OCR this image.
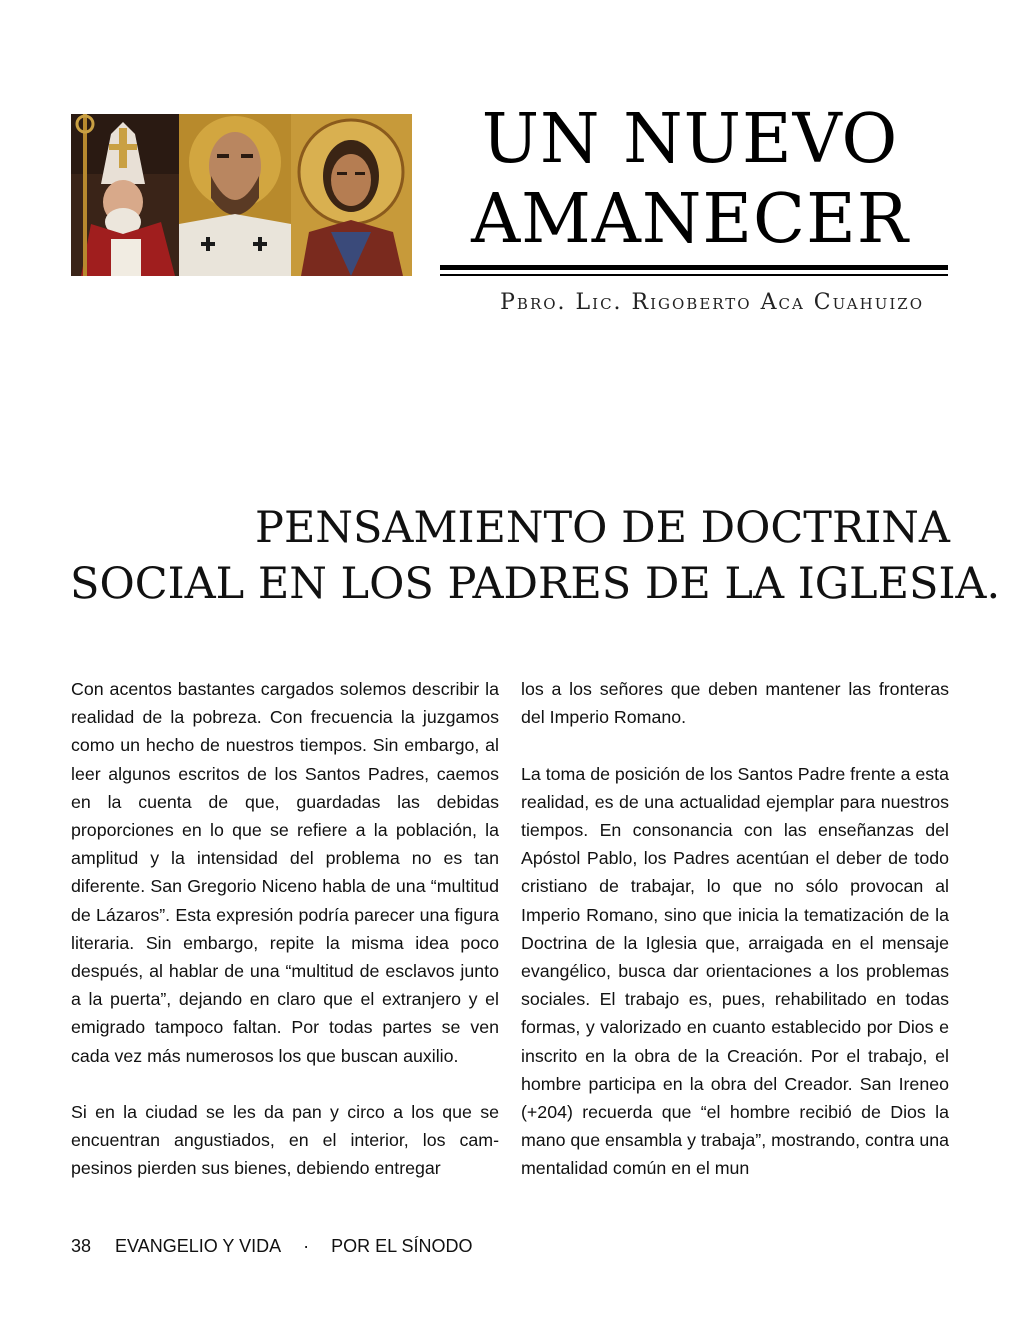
UN NUEVO
AMANECER
Pbro. Lic. Rigoberto Aca Cuahuizo
PENSAMIENTO DE DOCTRINA
SOCIAL EN LOS PADRES DE LA IGLESIA.

Con acentos bastantes cargados solemos describir la realidad de la pobreza. Con frecuencia la juzgamos como un hecho de nuestros tiempos. Sin embargo, al leer algunos escritos de los Santos Padres, caemos en la cuenta de que, guardadas las debidas proporciones en lo que se refiere a la población, la amplitud y la intensidad del problema no es tan diferente. San Gregorio Niceno habla de una “multitud de Lázaros”. Esta expresión podría parecer una figura literaria. Sin embargo, repite la misma idea poco después, al hablar de una “multitud de esclavos junto a la puerta”, dejando en claro que el extranjero y el emigrado tampoco faltan. Por todas partes se ven cada vez más numerosos los que buscan auxilio.

Si en la ciudad se les da pan y circo a los que se encuentran angustiados, en el interior, los campesinos pierden sus bienes, debiendo entregar

los a los señores que deben mantener las fronteras del Imperio Romano.

La toma de posición de los Santos Padre frente a esta realidad, es de una actualidad ejemplar para nuestros tiempos. En consonancia con las enseñanzas del Apóstol Pablo, los Padres acentúan el deber de todo cristiano de trabajar, lo que no sólo provocan al Imperio Romano, sino que inicia la tematización de la Doctrina de la Iglesia que, arraigada en el mensaje evangélico, busca dar orientaciones a los problemas sociales. El trabajo es, pues, rehabilitado en todas formas, y valorizado en cuanto establecido por Dios e inscrito en la obra de la Creación. Por el trabajo, el hombre participa en la obra del Creador. San Ireneo (+204) recuerda que “el hombre recibió de Dios la mano que ensambla y trabaja”, mostrando, contra una mentalidad común en el mun

38 EVANGELIO Y VIDA · POR EL SÍNODO
